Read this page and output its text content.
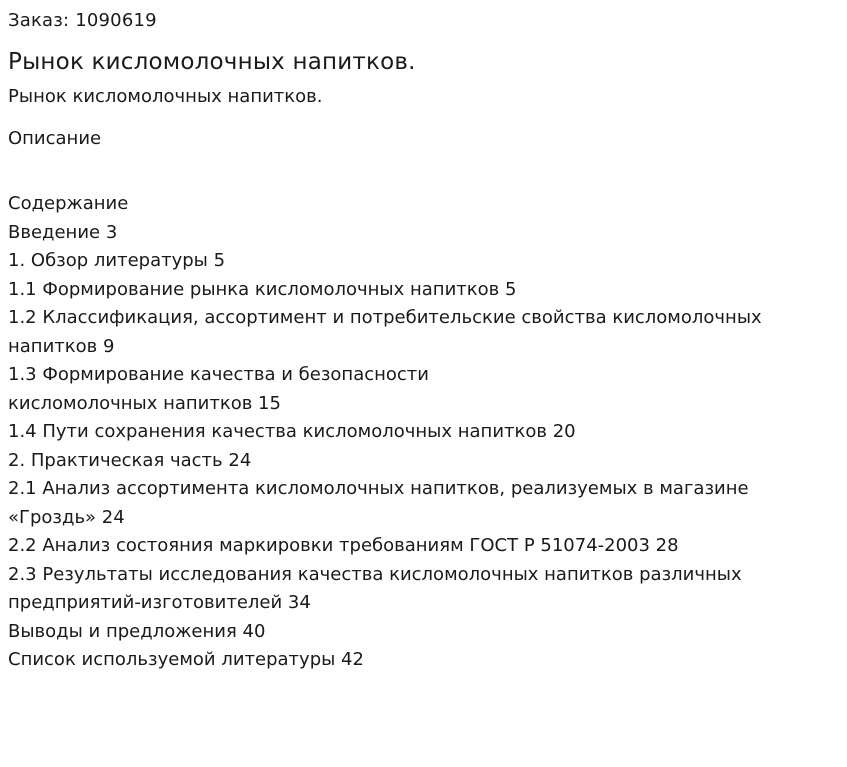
Заказ: 1090619
Рынок кисломолочных напитков.
Рынок кисломолочных напитков.
Описание
Содержание
Введение 3
1. Обзор литературы 5
1.1 Формирование рынка кисломолочных напитков 5
1.2 Классификация, ассортимент и потребительские свойства кисломолочных
напитков 9
1.3 Формирование качества и безопасности
кисломолочных напитков 15
1.4 Пути сохранения качества кисломолочных напитков 20
2. Практическая часть 24
2.1 Анализ ассортимента кисломолочных напитков, реализуемых в магазине
«Гроздь» 24
2.2 Анализ состояния маркировки требованиям ГОСТ Р 51074-2003 28
2.3 Результаты исследования качества кисломолочных напитков различных
предприятий-изготовителей 34
Выводы и предложения 40
Список используемой литературы 42
